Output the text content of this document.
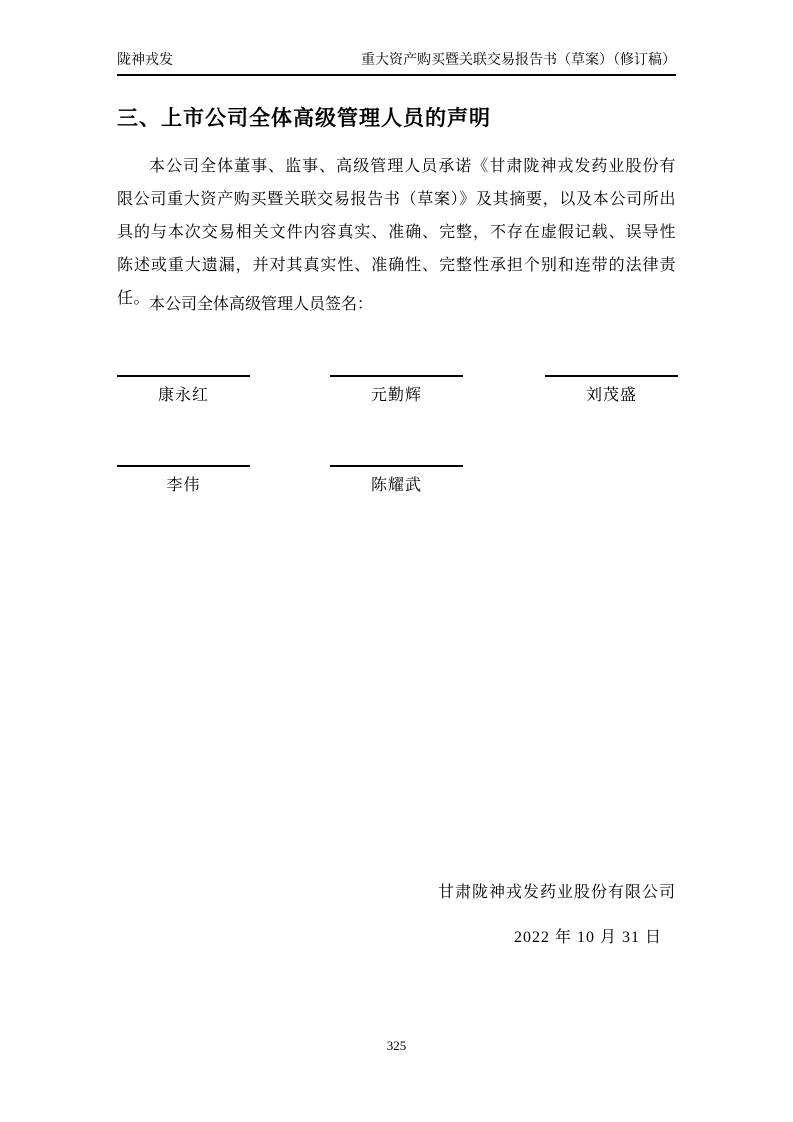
陇神戎发	重大资产购买暨关联交易报告书（草案）（修订稿）
三、上市公司全体高级管理人员的声明

本公司全体董事、监事、高级管理人员承诺《甘肃陇神戎发药业股份有限公司重大资产购买暨关联交易报告书（草案）》及其摘要，以及本公司所出具的与本次交易相关文件内容真实、准确、完整，不存在虚假记载、误导性陈述或重大遗漏，并对其真实性、准确性、完整性承担个别和连带的法律责任。

本公司全体高级管理人员签名：

康永红	元勤辉	刘茂盛
李伟	陈耀武
甘肃陇神戎发药业股份有限公司
2022 年 10 月 31 日
325
